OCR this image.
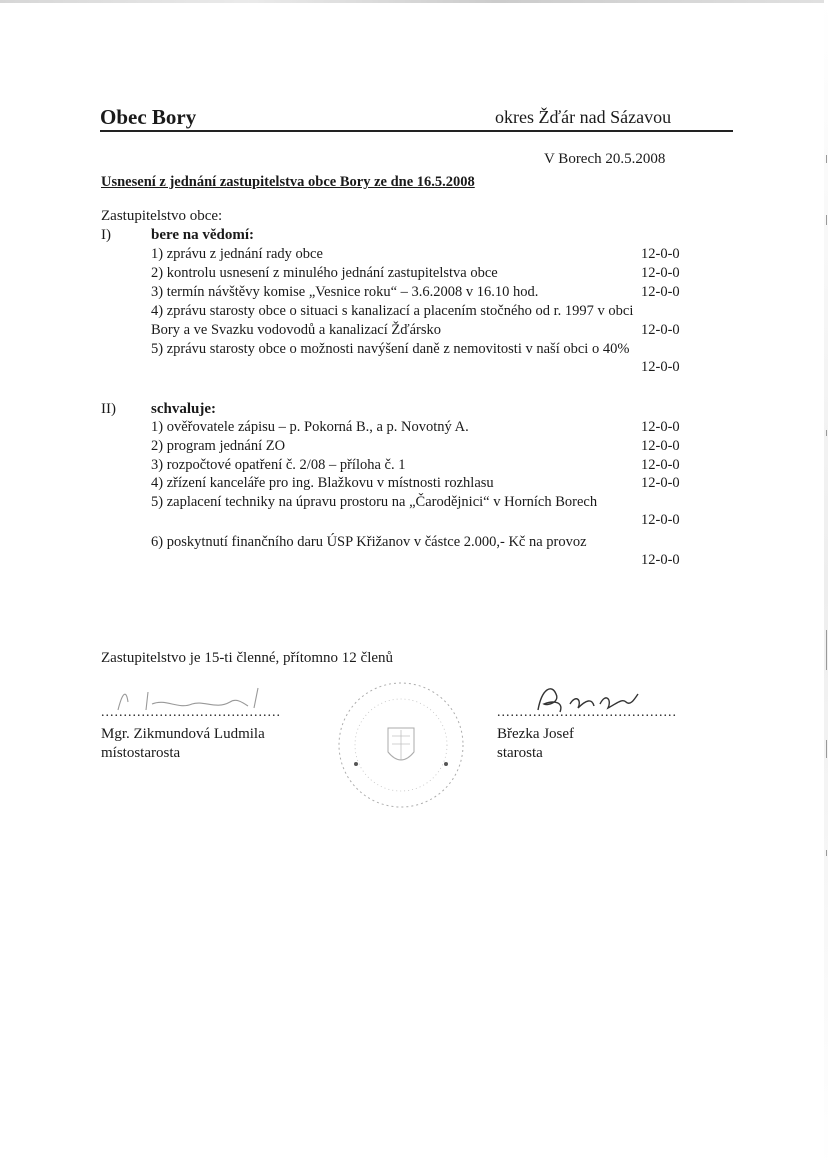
Obec Bory	okres Žďár nad Sázavou
V Borech 20.5.2008
Usnesení z jednání zastupitelstva obce Bory ze dne 16.5.2008
Zastupitelstvo obce:
I)	bere na vědomí:
1) zprávu z jednání rady obce	12-0-0
2) kontrolu usnesení z minulého jednání zastupitelstva obce	12-0-0
3) termín návštěvy komise „Vesnice roku“ – 3.6.2008 v 16.10 hod.	12-0-0
4) zprávu starosty obce o situaci s kanalizací a placením stočného od r. 1997 v obci
Bory a ve Svazku vodovodů a kanalizací Žďársko	12-0-0
5) zprávu starosty obce o možnosti navýšení daně z nemovitosti v naší obci o 40%
12-0-0
II) schvaluje:
1) ověřovatele zápisu – p. Pokorná B., a p. Novotný A.	12-0-0
2) program jednání ZO	12-0-0
3) rozpočtové opatření č. 2/08 – příloha č. 1	12-0-0
4) zřízení kanceláře pro ing. Blažkovu v místnosti rozhlasu	12-0-0
5) zaplacení techniky na úpravu prostoru na „Čarodějnici“ v Horních Borech
12-0-0
6) poskytnutí finančního daru ÚSP Křižanov v částce 2.000,- Kč na provoz
12-0-0
Zastupitelstvo je 15-ti členné, přítomno 12 členů
........................................
Mgr. Zikmundová Ludmila
místostarosta
........................................
Březka Josef
starosta
